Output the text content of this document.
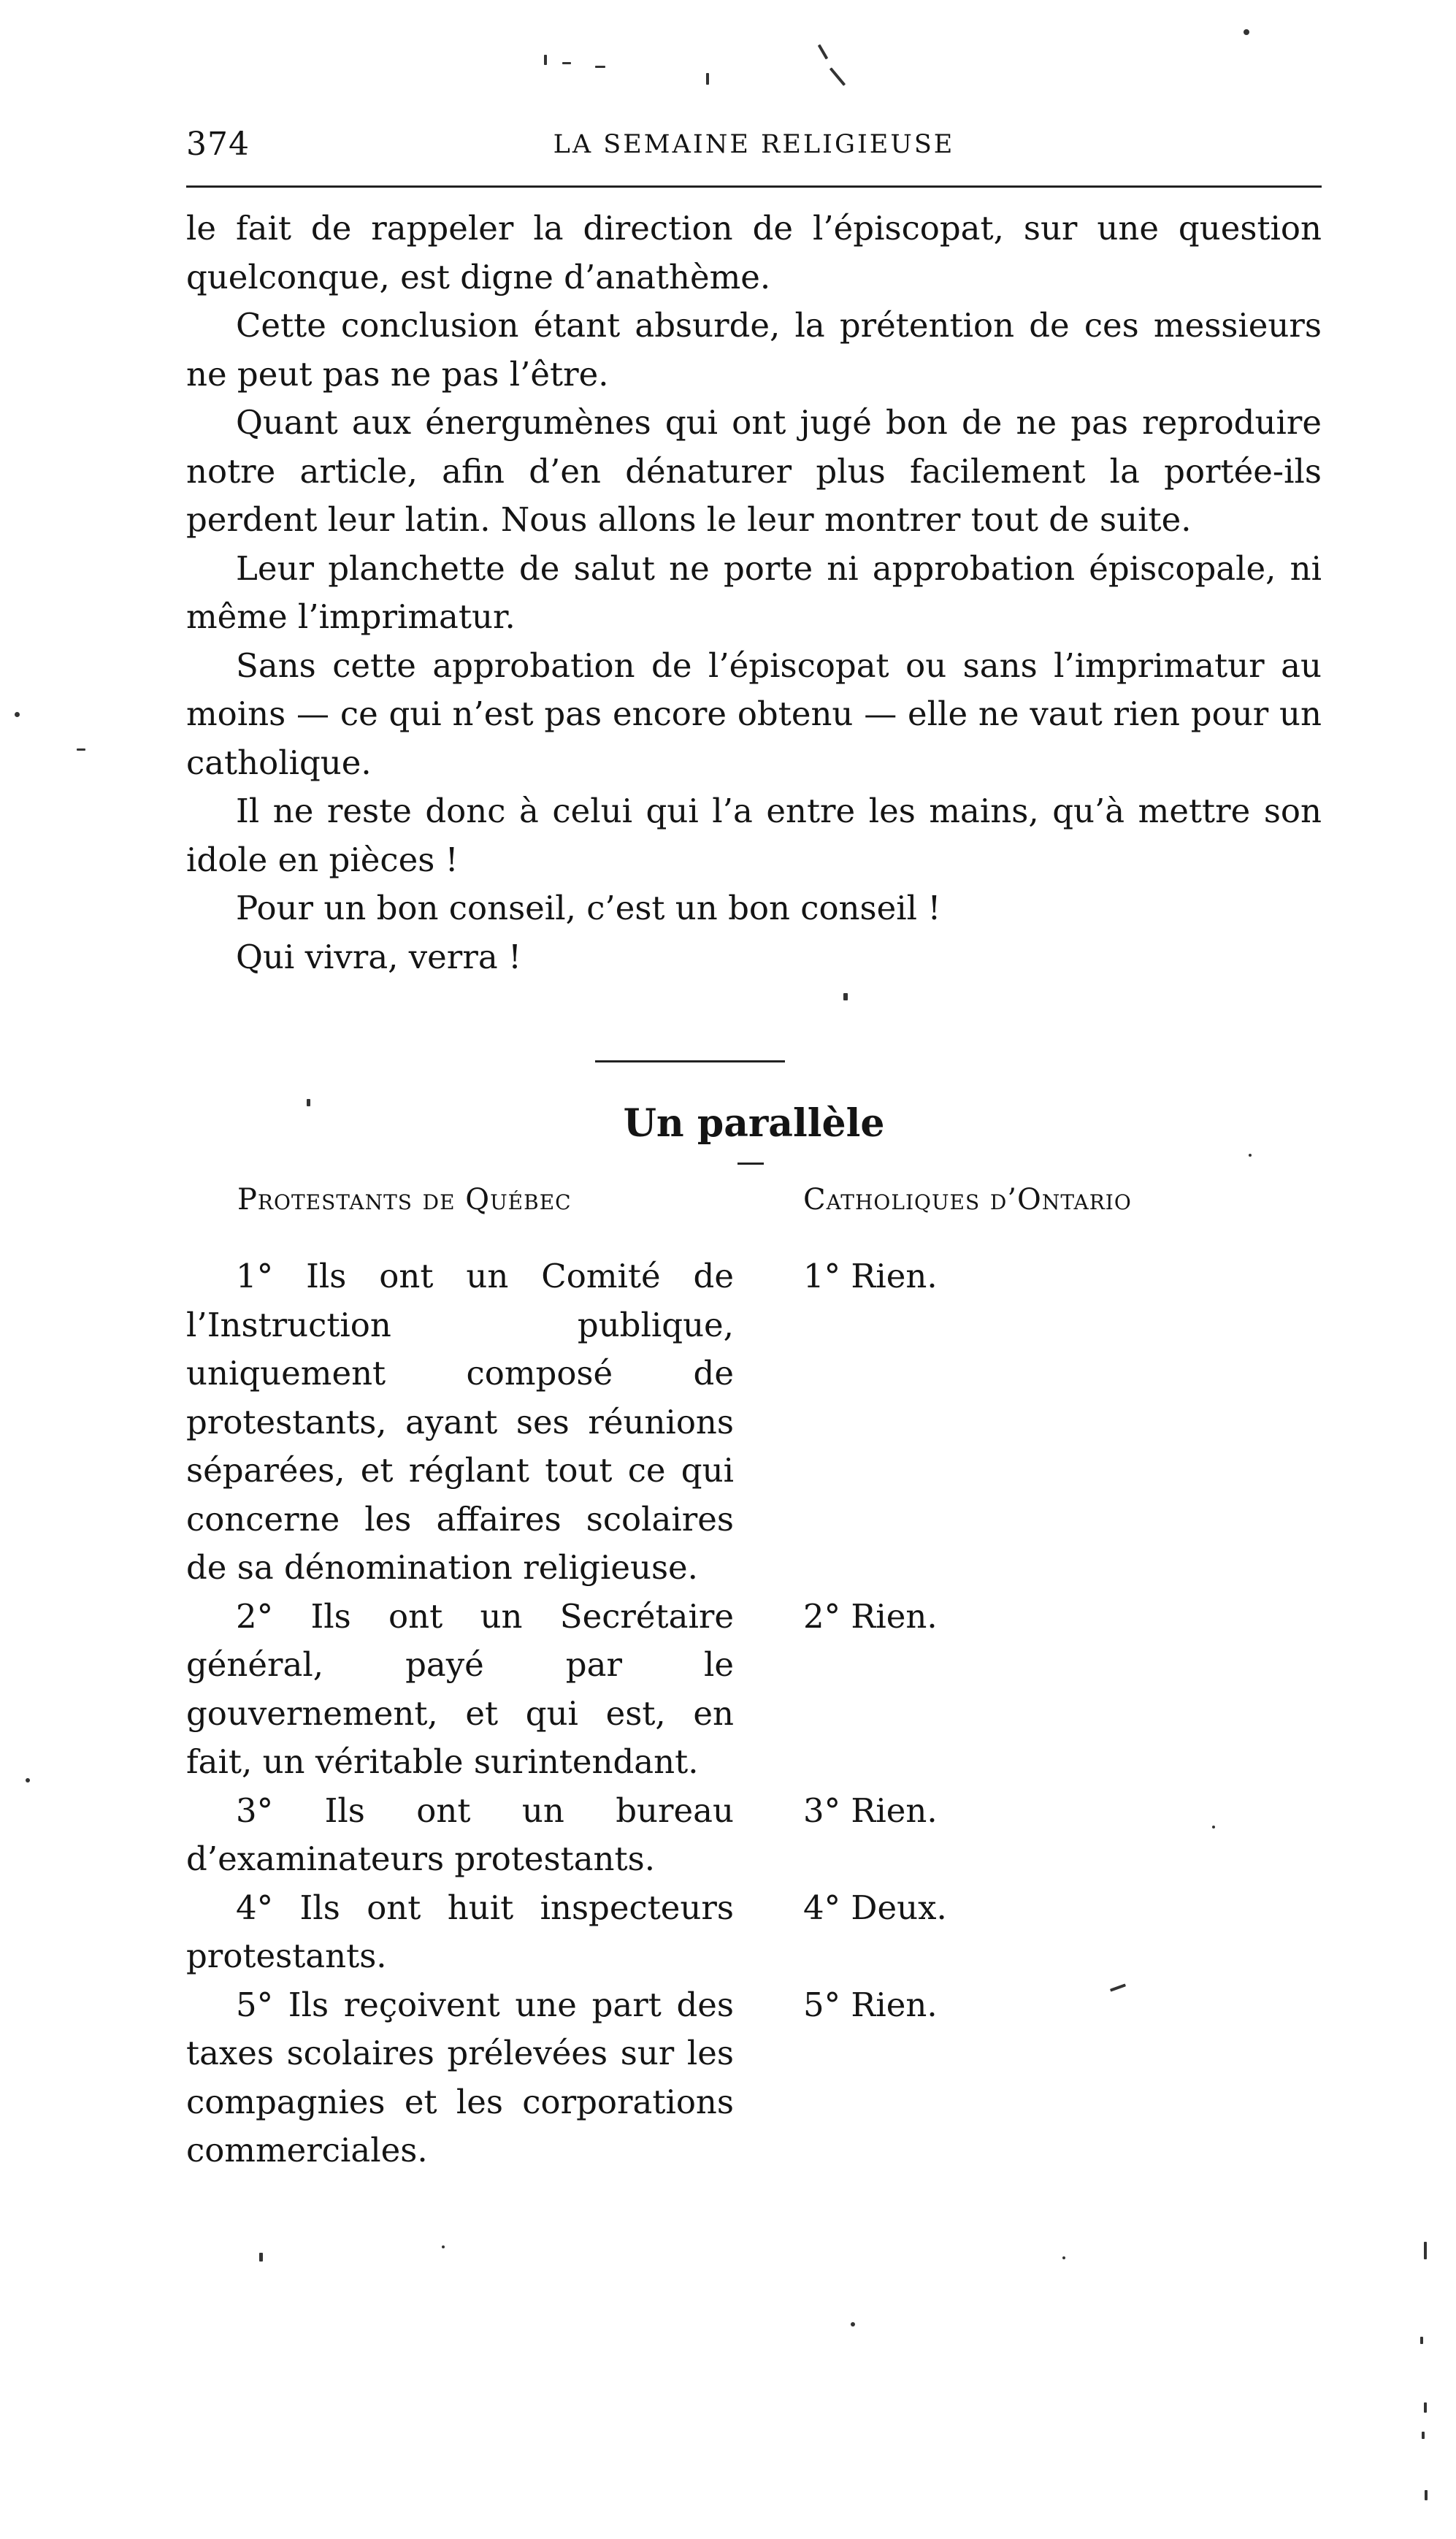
374	LA SEMAINE RELIGIEUSE

le fait de rappeler la direction de l’épiscopat, sur une question quelconque, est digne d’anathème.

Cette conclusion étant absurde, la prétention de ces messieurs ne peut pas ne pas l’être.

Quant aux énergumènes qui ont jugé bon de ne pas reproduire notre article, afin d’en dénaturer plus facilement la portée-ils perdent leur latin. Nous allons le leur montrer tout de suite.

Leur planchette de salut ne porte ni approbation épiscopale, ni même l’imprimatur.

Sans cette approbation de l’épiscopat ou sans l’imprimatur au moins — ce qui n’est pas encore obtenu — elle ne vaut rien pour un catholique.

Il ne reste donc à celui qui l’a entre les mains, qu’à mettre son idole en pièces !

Pour un bon conseil, c’est un bon conseil !

Qui vivra, verra !

Un parallèle
Protestants de Québec	Catholiques d’Ontario
1° Ils ont un Comité de l’Instruction publique, uniquement composé de protestants, ayant ses réunions séparées, et réglant tout ce qui concerne les affaires scolaires de sa dénomination religieuse.
1° Rien.
2° Ils ont un Secrétaire général, payé par le gouvernement, et qui est, en fait, un véritable surintendant.
2° Rien.
3° Ils ont un bureau d’examinateurs protestants.
3° Rien.
4° Ils ont huit inspecteurs protestants.
4° Deux.
5° Ils reçoivent une part des taxes scolaires prélevées sur les compagnies et les corporations commerciales.
5° Rien.
